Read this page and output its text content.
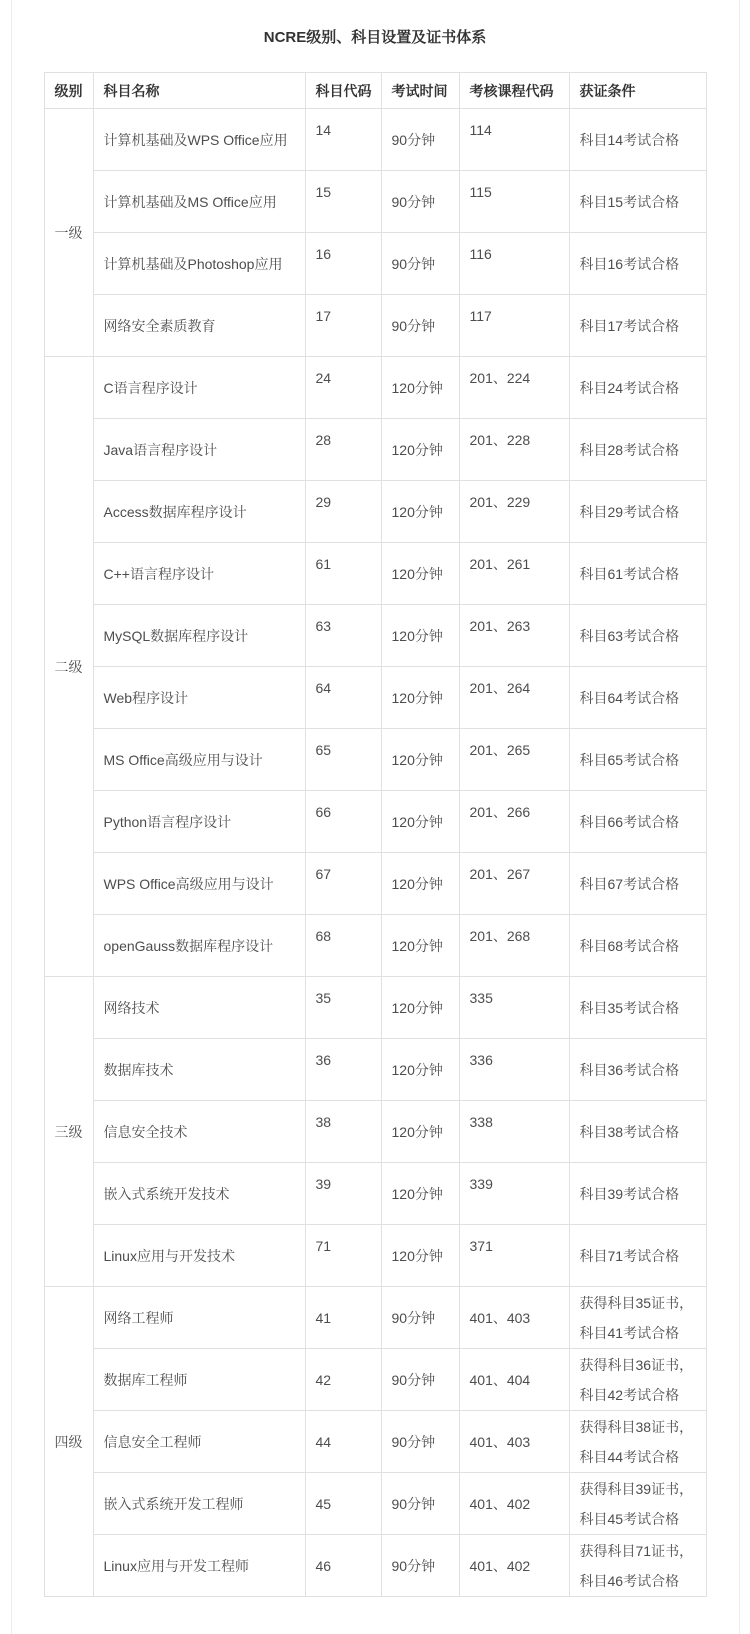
NCRE级别、科目设置及证书体系
级别	科目名称	科目代码	考试时间	考核课程代码	获证条件
一级	计算机基础及WPS Office应用	14	90分钟	114	科目14考试合格

	计算机基础及MS Office应用	15	90分钟	115	科目15考试合格

	计算机基础及Photoshop应用	16	90分钟	116	科目16考试合格

	网络安全素质教育	17	90分钟	117	科目17考试合格

二级	C语言程序设计	24	120分钟	201、224	科目24考试合格

	Java语言程序设计	28	120分钟	201、228	科目28考试合格

	Access数据库程序设计	29	120分钟	201、229	科目29考试合格

	C++语言程序设计	61	120分钟	201、261	科目61考试合格

	MySQL数据库程序设计	63	120分钟	201、263	科目63考试合格

	Web程序设计	64	120分钟	201、264	科目64考试合格

	MS Office高级应用与设计	65	120分钟	201、265	科目65考试合格

	Python语言程序设计	66	120分钟	201、266	科目66考试合格

	WPS Office高级应用与设计	67	120分钟	201、267	科目67考试合格

	openGauss数据库程序设计	68	120分钟	201、268	科目68考试合格

三级	网络技术	35	120分钟	335	科目35考试合格

	数据库技术	36	120分钟	336	科目36考试合格

	信息安全技术	38	120分钟	338	科目38考试合格

	嵌入式系统开发技术	39	120分钟	339	科目39考试合格

	Linux应用与开发技术	71	120分钟	371	科目71考试合格

四级	网络工程师	41	90分钟	401、403	获得科目35证书，
科目41考试合格

	数据库工程师	42	90分钟	401、404	获得科目36证书，
科目42考试合格

	信息安全工程师	44	90分钟	401、403	获得科目38证书，
科目44考试合格

	嵌入式系统开发工程师	45	90分钟	401、402	获得科目39证书，
科目45考试合格

	Linux应用与开发工程师	46	90分钟	401、402	获得科目71证书，
科目46考试合格
